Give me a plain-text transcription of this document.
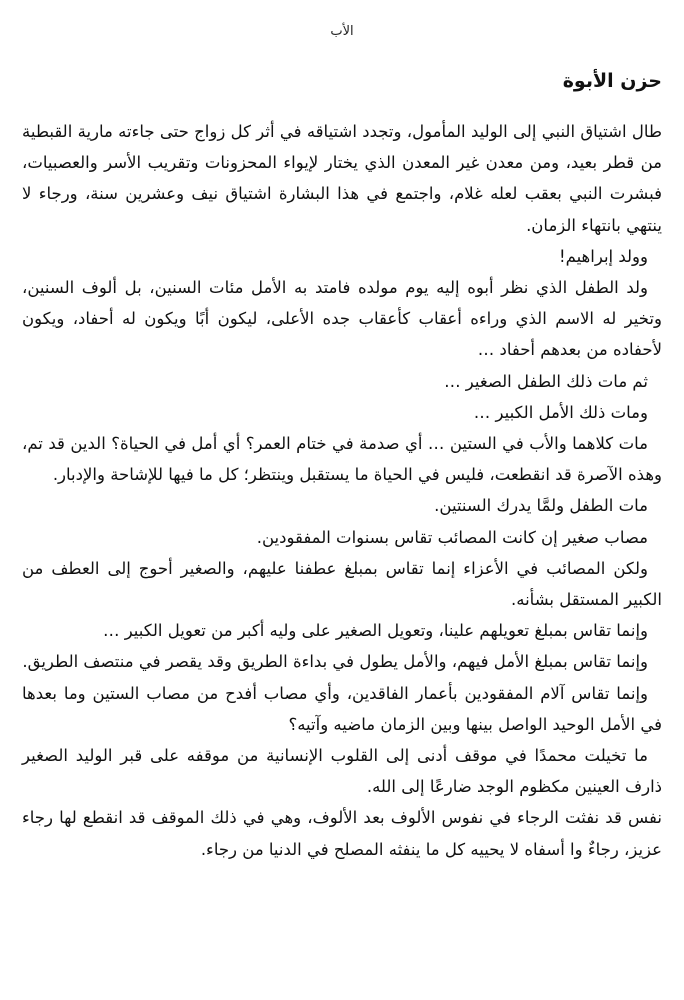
الأب
حزن الأبوة

طال اشتياق النبي إلى الوليد المأمول، وتجدد اشتياقه في أثر كل زواج حتى جاءته مارية القبطية من قطر بعيد، ومن معدن غير المعدن الذي يختار لإيواء المحزونات وتقريب الأسر والعصبيات، فبشرت النبي بعقب لعله غلام، واجتمع في هذا البشارة اشتياق نيف وعشرين سنة، ورجاء لا ينتهي بانتهاء الزمان.

وولد إبراهيم!

ولد الطفل الذي نظر أبوه إليه يوم مولده فامتد به الأمل مئات السنين، بل ألوف السنين، وتخير له الاسم الذي وراءه أعقاب كأعقاب جده الأعلى، ليكون أبًا ويكون له أحفاد، ويكون لأحفاده من بعدهم أحفاد …

ثم مات ذلك الطفل الصغير …

ومات ذلك الأمل الكبير …

مات كلاهما والأب في الستين … أي صدمة في ختام العمر؟ أي أمل في الحياة؟ الدين قد تم، وهذه الآصرة قد انقطعت، فليس في الحياة ما يستقبل وينتظر؛ كل ما فيها للإشاحة والإدبار.

مات الطفل ولمَّا يدرك السنتين.

مصاب صغير إن كانت المصائب تقاس بسنوات المفقودين.

ولكن المصائب في الأعزاء إنما تقاس بمبلغ عطفنا عليهم، والصغير أحوج إلى العطف من الكبير المستقل بشأنه.

وإنما تقاس بمبلغ تعويلهم علينا، وتعويل الصغير على وليه أكبر من تعويل الكبير …

وإنما تقاس بمبلغ الأمل فيهم، والأمل يطول في بداءة الطريق وقد يقصر في منتصف الطريق.

وإنما تقاس آلام المفقودين بأعمار الفاقدين، وأي مصاب أفدح من مصاب الستين وما بعدها في الأمل الوحيد الواصل بينها وبين الزمان ماضيه وآتيه؟

ما تخيلت محمدًا في موقف أدنى إلى القلوب الإنسانية من موقفه على قبر الوليد الصغير ذارف العينين مكظوم الوجد ضارعًا إلى الله.

نفس قد نفثت الرجاء في نفوس الألوف بعد الألوف، وهي في ذلك الموقف قد انقطع لها رجاء عزيز، رجاءٌ وا أسفاه لا يحييه كل ما ينفثه المصلح في الدنيا من رجاء.
